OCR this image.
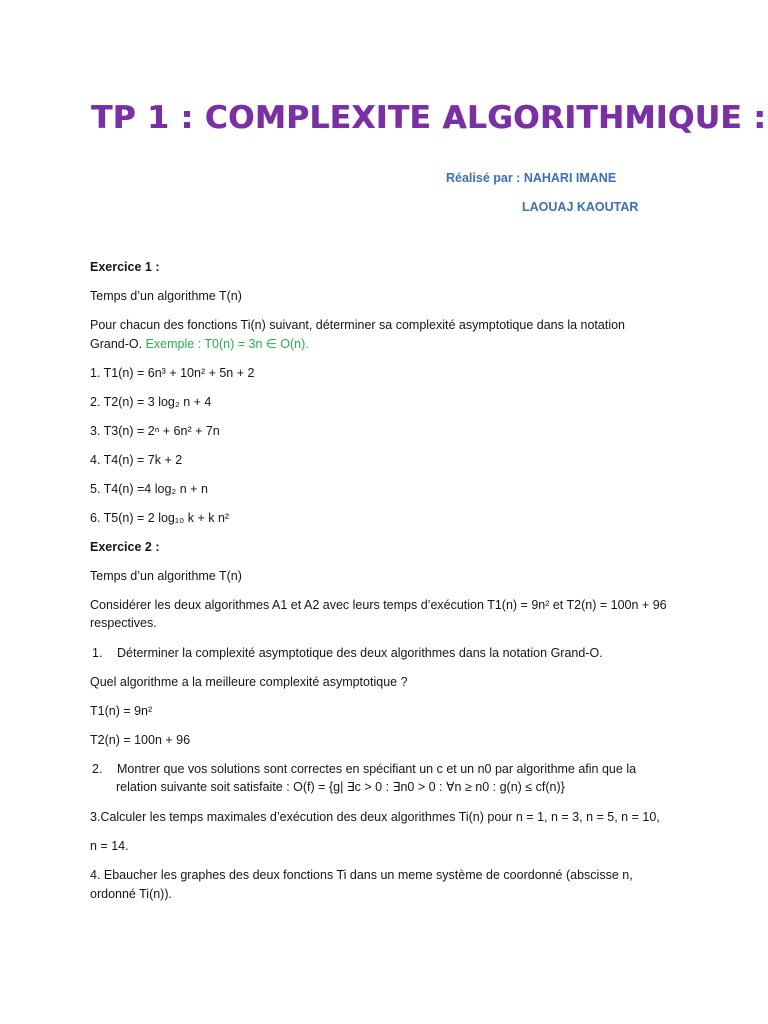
TP 1 : COMPLEXITE ALGORITHMIQUE :
Réalisé par : NAHARI IMANE
LAOUAJ KAOUTAR
Exercice 1 :
Temps d’un algorithme T(n)
Pour chacun des fonctions Ti(n) suivant, déterminer sa complexité asymptotique dans la notation
Grand-O. Exemple : T0(n) = 3n ∈ O(n).
1. T1(n) = 6n³ + 10n² + 5n + 2
2. T2(n) = 3 log₂ n + 4
3. T3(n) = 2ⁿ + 6n² + 7n
4. T4(n) = 7k + 2
5. T4(n) =4 log₂ n + n
6. T5(n) = 2 log₁₀ k + k n²
Exercice 2 :
Temps d’un algorithme T(n)
Considérer les deux algorithmes A1 et A2 avec leurs temps d’exécution T1(n) = 9n² et T2(n) = 100n + 96
respectives.
1. Déterminer la complexité asymptotique des deux algorithmes dans la notation Grand-O.
Quel algorithme a la meilleure complexité asymptotique ?
T1(n) = 9n²
T2(n) = 100n + 96
2. Montrer que vos solutions sont correctes en spécifiant un c et un n0 par algorithme afin que la
relation suivante soit satisfaite : O(f) = {g| ∃c > 0 : ∃n0 > 0 : ∀n ≥ n0 : g(n) ≤ cf(n)}
3.Calculer les temps maximales d’exécution des deux algorithmes Ti(n) pour n = 1, n = 3, n = 5, n = 10,
n = 14.
4. Ebaucher les graphes des deux fonctions Ti dans un meme système de coordonné (abscisse n,
ordonné Ti(n)).
